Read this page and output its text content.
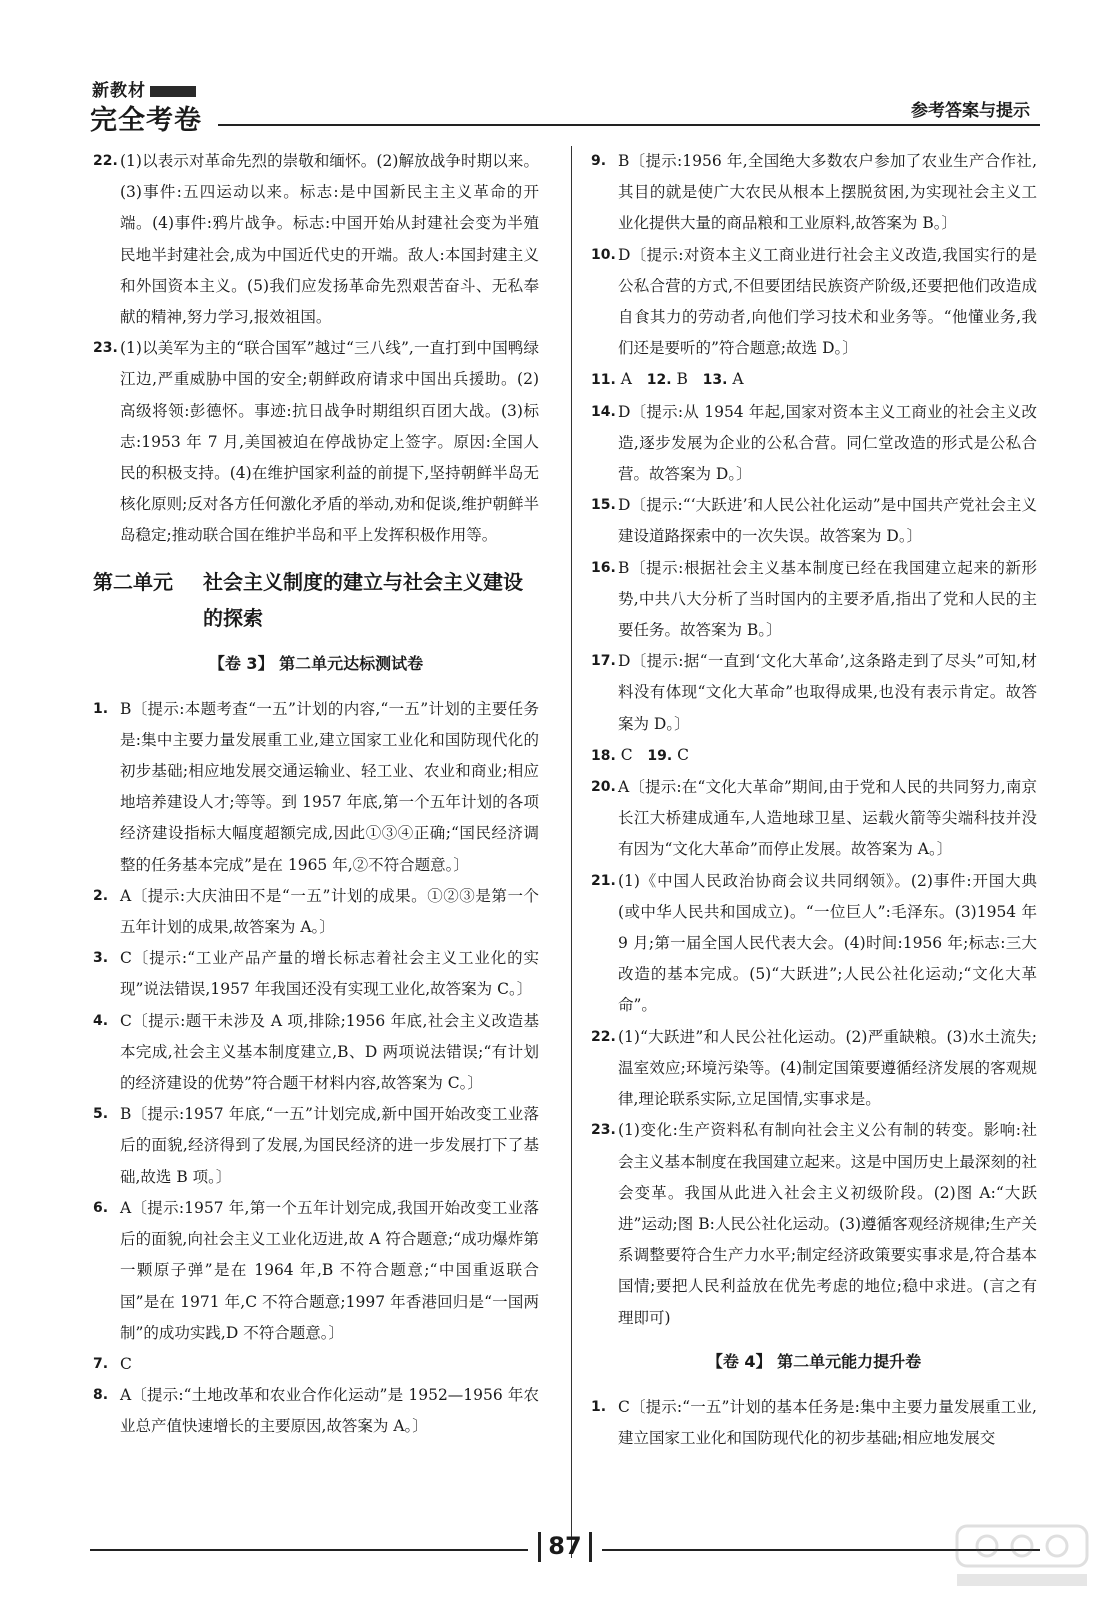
新教材
完全考卷	参考答案与提示

22. (1)以表示对革命先烈的崇敬和缅怀。(2)解放战争时期以来。(3)事件:五四运动以来。标志:是中国新民主主义革命的开端。(4)事件:鸦片战争。标志:中国开始从封建社会变为半殖民地半封建社会,成为中国近代史的开端。敌人:本国封建主义和外国资本主义。(5)我们应发扬革命先烈艰苦奋斗、无私奉献的精神,努力学习,报效祖国。

23. (1)以美军为主的“联合国军”越过“三八线”,一直打到中国鸭绿江边,严重威胁中国的安全;朝鲜政府请求中国出兵援助。(2)高级将领:彭德怀。事迹:抗日战争时期组织百团大战。(3)标志:1953 年 7 月,美国被迫在停战协定上签字。原因:全国人民的积极支持。(4)在维护国家利益的前提下,坚持朝鲜半岛无核化原则;反对各方任何激化矛盾的举动,劝和促谈,维护朝鲜半岛稳定;推动联合国在维护半岛和平上发挥积极作用等。

第二单元 社会主义制度的建立与社会主义建设的探索
【卷 3】 第二单元达标测试卷

1. B〔提示:本题考查“一五”计划的内容,“一五”计划的主要任务是:集中主要力量发展重工业,建立国家工业化和国防现代化的初步基础;相应地发展交通运输业、轻工业、农业和商业;相应地培养建设人才;等等。到 1957 年底,第一个五年计划的各项经济建设指标大幅度超额完成,因此①③④正确;“国民经济调整的任务基本完成”是在 1965 年,②不符合题意。〕

2. A〔提示:大庆油田不是“一五”计划的成果。①②③是第一个五年计划的成果,故答案为 A。〕

3. C〔提示:“工业产品产量的增长标志着社会主义工业化的实现”说法错误,1957 年我国还没有实现工业化,故答案为 C。〕

4. C〔提示:题干未涉及 A 项,排除;1956 年底,社会主义改造基本完成,社会主义基本制度建立,B、D 两项说法错误;“有计划的经济建设的优势”符合题干材料内容,故答案为 C。〕

5. B〔提示:1957 年底,“一五”计划完成,新中国开始改变工业落后的面貌,经济得到了发展,为国民经济的进一步发展打下了基础,故选 B 项。〕

6. A〔提示:1957 年,第一个五年计划完成,我国开始改变工业落后的面貌,向社会主义工业化迈进,故 A 符合题意;“成功爆炸第一颗原子弹”是在 1964 年,B 不符合题意;“中国重返联合国”是在 1971 年,C 不符合题意;1997 年香港回归是“一国两制”的成功实践,D 不符合题意。〕

7. C

8. A〔提示:“土地改革和农业合作化运动”是 1952—1956 年农业总产值快速增长的主要原因,故答案为 A。〕

9. B〔提示:1956 年,全国绝大多数农户参加了农业生产合作社,其目的就是使广大农民从根本上摆脱贫困,为实现社会主义工业化提供大量的商品粮和工业原料,故答案为 B。〕

10. D〔提示:对资本主义工商业进行社会主义改造,我国实行的是公私合营的方式,不但要团结民族资产阶级,还要把他们改造成自食其力的劳动者,向他们学习技术和业务等。“他懂业务,我们还是要听的”符合题意;故选 D。〕

11. A 12. B 13. A

14. D〔提示:从 1954 年起,国家对资本主义工商业的社会主义改造,逐步发展为企业的公私合营。同仁堂改造的形式是公私合营。故答案为 D。〕

15. D〔提示:“‘大跃进’和人民公社化运动”是中国共产党社会主义建设道路探索中的一次失误。故答案为 D。〕

16. B〔提示:根据社会主义基本制度已经在我国建立起来的新形势,中共八大分析了当时国内的主要矛盾,指出了党和人民的主要任务。故答案为 B。〕

17. D〔提示:据“一直到‘文化大革命’,这条路走到了尽头”可知,材料没有体现“文化大革命”也取得成果,也没有表示肯定。故答案为 D。〕

18. C 19. C

20. A〔提示:在“文化大革命”期间,由于党和人民的共同努力,南京长江大桥建成通车,人造地球卫星、运载火箭等尖端科技并没有因为“文化大革命”而停止发展。故答案为 A。〕

21. (1)《中国人民政治协商会议共同纲领》。(2)事件:开国大典(或中华人民共和国成立)。“一位巨人”:毛泽东。(3)1954 年 9 月;第一届全国人民代表大会。(4)时间:1956 年;标志:三大改造的基本完成。(5)“大跃进”;人民公社化运动;“文化大革命”。

22. (1)“大跃进”和人民公社化运动。(2)严重缺粮。(3)水土流失;温室效应;环境污染等。(4)制定国策要遵循经济发展的客观规律,理论联系实际,立足国情,实事求是。

23. (1)变化:生产资料私有制向社会主义公有制的转变。影响:社会主义基本制度在我国建立起来。这是中国历史上最深刻的社会变革。我国从此进入社会主义初级阶段。(2)图 A:“大跃进”运动;图 B:人民公社化运动。(3)遵循客观经济规律;生产关系调整要符合生产力水平;制定经济政策要实事求是,符合基本国情;要把人民利益放在优先考虑的地位;稳中求进。(言之有理即可)

【卷 4】 第二单元能力提升卷

1. C〔提示:“一五”计划的基本任务是:集中主要力量发展重工业,建立国家工业化和国防现代化的初步基础;相应地发展交

87
